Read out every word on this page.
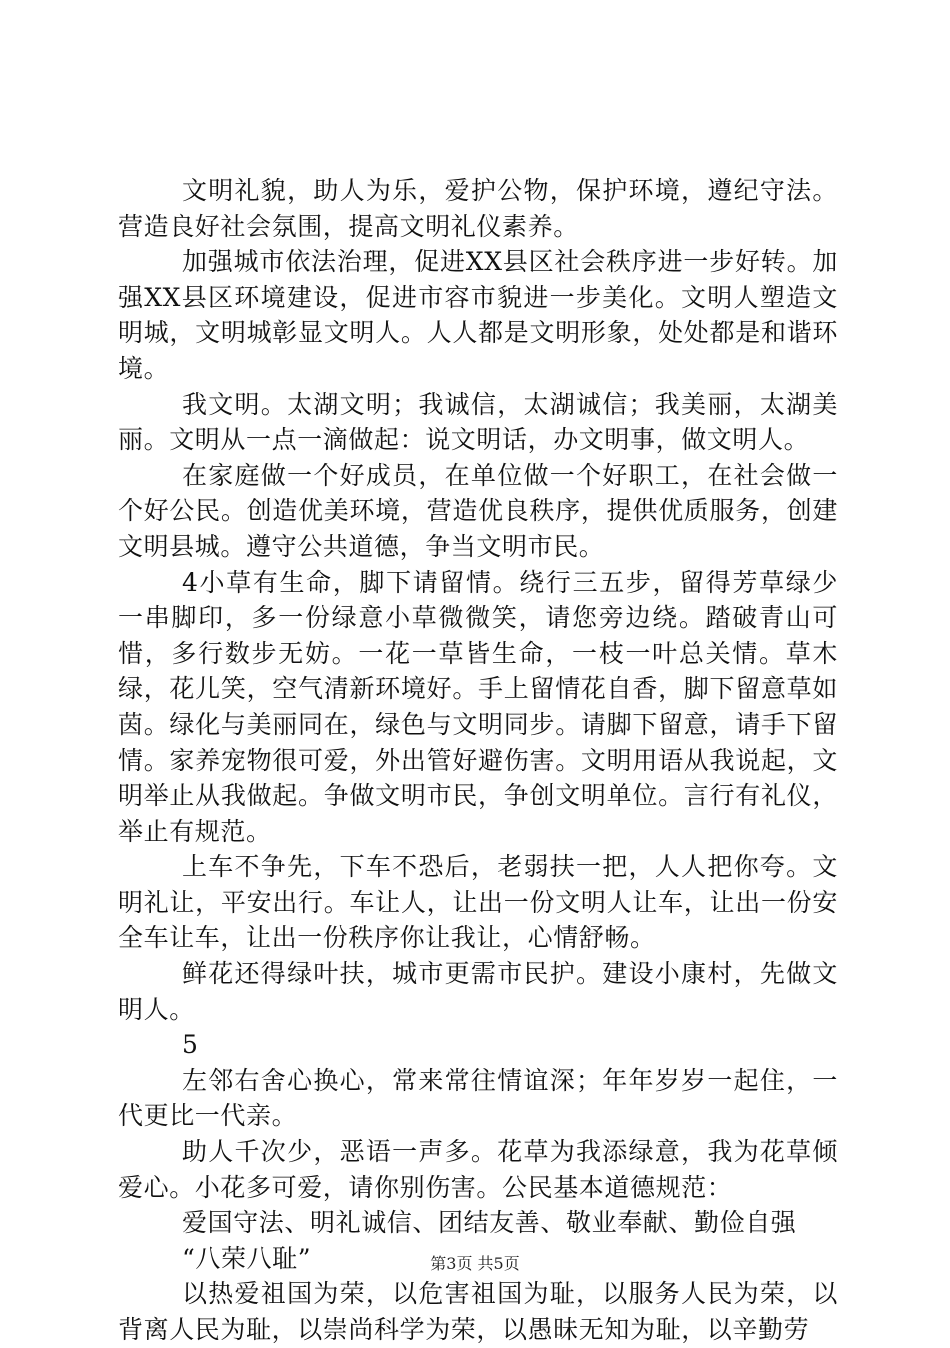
文明礼貌，助人为乐，爱护公物，保护环境，遵纪守法。营造良好社会氛围，提高文明礼仪素养。

加强城市依法治理，促进XX县区社会秩序进一步好转。加强XX县区环境建设，促进市容市貌进一步美化。文明人塑造文明城，文明城彰显文明人。人人都是文明形象，处处都是和谐环境。

我文明。太湖文明；我诚信，太湖诚信；我美丽，太湖美丽。文明从一点一滴做起：说文明话，办文明事，做文明人。

在家庭做一个好成员，在单位做一个好职工，在社会做一个好公民。创造优美环境，营造优良秩序，提供优质服务，创建文明县城。遵守公共道德，争当文明市民。

4小草有生命，脚下请留情。绕行三五步，留得芳草绿少一串脚印，多一份绿意小草微微笑，请您旁边绕。踏破青山可惜，多行数步无妨。一花一草皆生命，一枝一叶总关情。草木绿，花儿笑，空气清新环境好。手上留情花自香，脚下留意草如茵。绿化与美丽同在，绿色与文明同步。请脚下留意，请手下留情。家养宠物很可爱，外出管好避伤害。文明用语从我说起，文明举止从我做起。争做文明市民，争创文明单位。言行有礼仪，举止有规范。

上车不争先，下车不恐后，老弱扶一把，人人把你夸。文明礼让，平安出行。车让人，让出一份文明人让车，让出一份安全车让车，让出一份秩序你让我让，心情舒畅。

鲜花还得绿叶扶，城市更需市民护。建设小康村，先做文明人。

5

左邻右舍心换心，常来常往情谊深；年年岁岁一起住，一代更比一代亲。

助人千次少，恶语一声多。花草为我添绿意，我为花草倾爱心。小花多可爱，请你别伤害。公民基本道德规范：

爱国守法、明礼诚信、团结友善、敬业奉献、勤俭自强

“八荣八耻”

以热爱祖国为荣，以危害祖国为耻，以服务人民为荣，以背离人民为耻，以崇尚科学为荣，以愚昧无知为耻，以辛勤劳

第3页 共5页
